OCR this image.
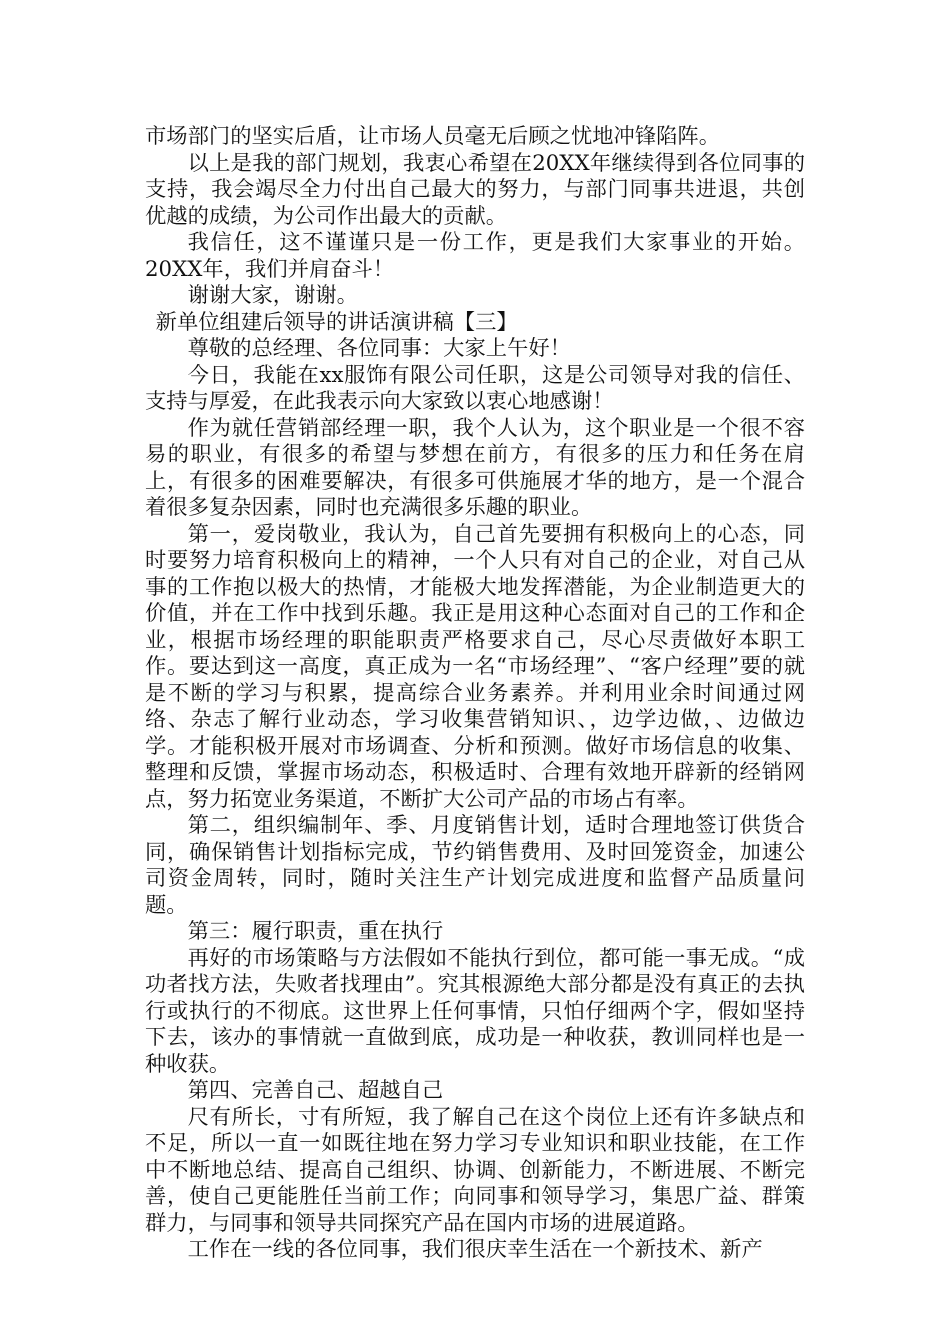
市场部门的坚实后盾，让市场人员毫无后顾之忧地冲锋陷阵。

以上是我的部门规划，我衷心希望在20XX年继续得到各位同事的支持，我会竭尽全力付出自己最大的努力，与部门同事共进退，共创优越的成绩，为公司作出最大的贡献。

我信任，这不谨谨只是一份工作，更是我们大家事业的开始。20XX年，我们并肩奋斗！

谢谢大家，谢谢。

新单位组建后领导的讲话演讲稿【三】

尊敬的总经理、各位同事：大家上午好！

今日，我能在xx服饰有限公司任职，这是公司领导对我的信任、支持与厚爱，在此我表示向大家致以衷心地感谢！

作为就任营销部经理一职，我个人认为，这个职业是一个很不容易的职业，有很多的希望与梦想在前方，有很多的压力和任务在肩上，有很多的困难要解决，有很多可供施展才华的地方，是一个混合着很多复杂因素，同时也充满很多乐趣的职业。

第一，爱岗敬业，我认为，自己首先要拥有积极向上的心态，同时要努力培育积极向上的精神，一个人只有对自己的企业，对自己从事的工作抱以极大的热情，才能极大地发挥潜能，为企业制造更大的价值，并在工作中找到乐趣。我正是用这种心态面对自己的工作和企业，根据市场经理的职能职责严格要求自己，尽心尽责做好本职工作。要达到这一高度，真正成为一名“市场经理”、“客户经理”要的就是不断的学习与积累，提高综合业务素养。并利用业余时间通过网络、杂志了解行业动态，学习收集营销知识、，边学边做，、边做边学。才能积极开展对市场调查、分析和预测。做好市场信息的收集、整理和反馈，掌握市场动态，积极适时、合理有效地开辟新的经销网点，努力拓宽业务渠道，不断扩大公司产品的市场占有率。

第二，组织编制年、季、月度销售计划，适时合理地签订供货合同，确保销售计划指标完成，节约销售费用、及时回笼资金，加速公司资金周转，同时，随时关注生产计划完成进度和监督产品质量问题。

第三：履行职责，重在执行

再好的市场策略与方法假如不能执行到位，都可能一事无成。“成功者找方法，失败者找理由”。究其根源绝大部分都是没有真正的去执行或执行的不彻底。这世界上任何事情，只怕仔细两个字，假如坚持下去，该办的事情就一直做到底，成功是一种收获，教训同样也是一种收获。

第四、完善自己、超越自己

尺有所长，寸有所短，我了解自己在这个岗位上还有许多缺点和不足，所以一直一如既往地在努力学习专业知识和职业技能，在工作中不断地总结、提高自己组织、协调、创新能力，不断进展、不断完善，使自己更能胜任当前工作；向同事和领导学习，集思广益、群策群力，与同事和领导共同探究产品在国内市场的进展道路。

工作在一线的各位同事，我们很庆幸生活在一个新技术、新产
